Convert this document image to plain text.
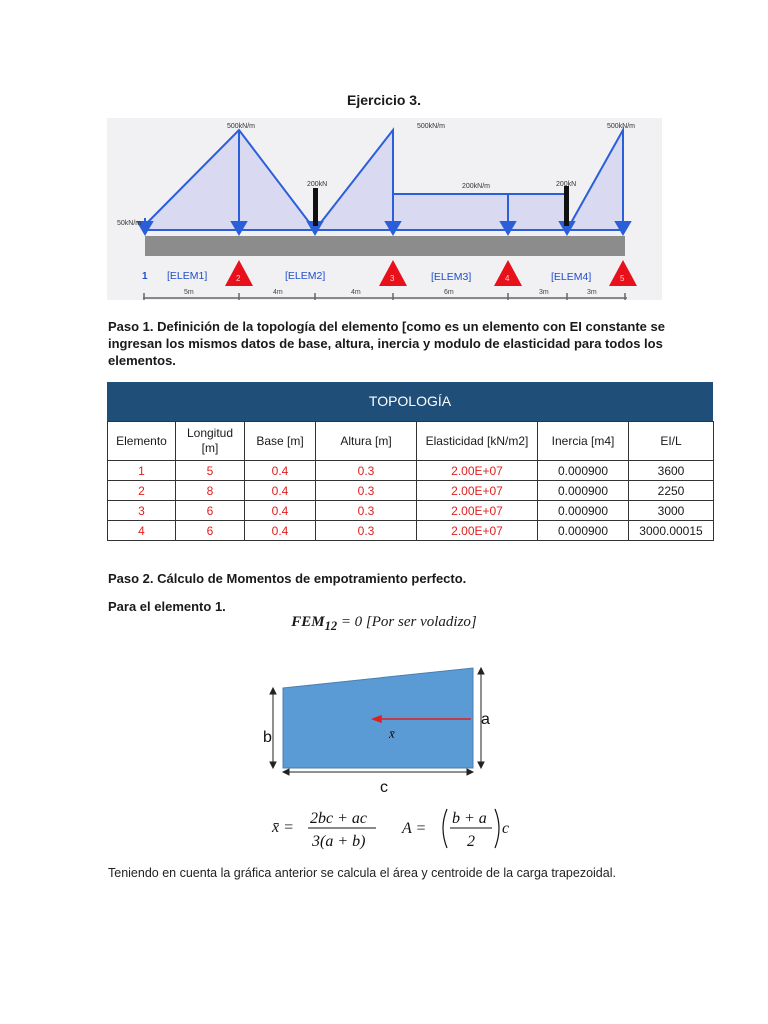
Ejercicio 3.
50kN/m
500kN/m
200kN
500kN/m
200kN/m	200kN
500kN/m
1	2	3	4	5
[ELEM1]	[ELEM2]	[ELEM3]	[ELEM4]
5m	4m	4m	6m	3m	3m
Paso 1. Definición de la topología del elemento [como es un elemento con EI constante se ingresan los mismos datos de base, altura, inercia y modulo de elasticidad para todos los elementos.
TOPOLOGÍA
Elemento	Longitud [m]	Base [m]	Altura [m]	Elasticidad [kN/m2]	Inercia [m4]	EI/L
1	5	0.4	0.3	2.00E+07	0.000900	3600
2	8	0.4	0.3	2.00E+07	0.000900	2250
3	6	0.4	0.3	2.00E+07	0.000900	3000
4	6	0.4	0.3	2.00E+07	0.000900	3000.00015
Paso 2. Cálculo de Momentos de empotramiento perfecto.
Para el elemento 1.
$FEM_{12} = 0$ [Por ser voladizo]
b
a
c
x̄
x̄ =
2bc + ac
3(a + b)
A =
b + a
2
c
Teniendo en cuenta la gráfica anterior se calcula el área y centroide de la carga trapezoidal.
